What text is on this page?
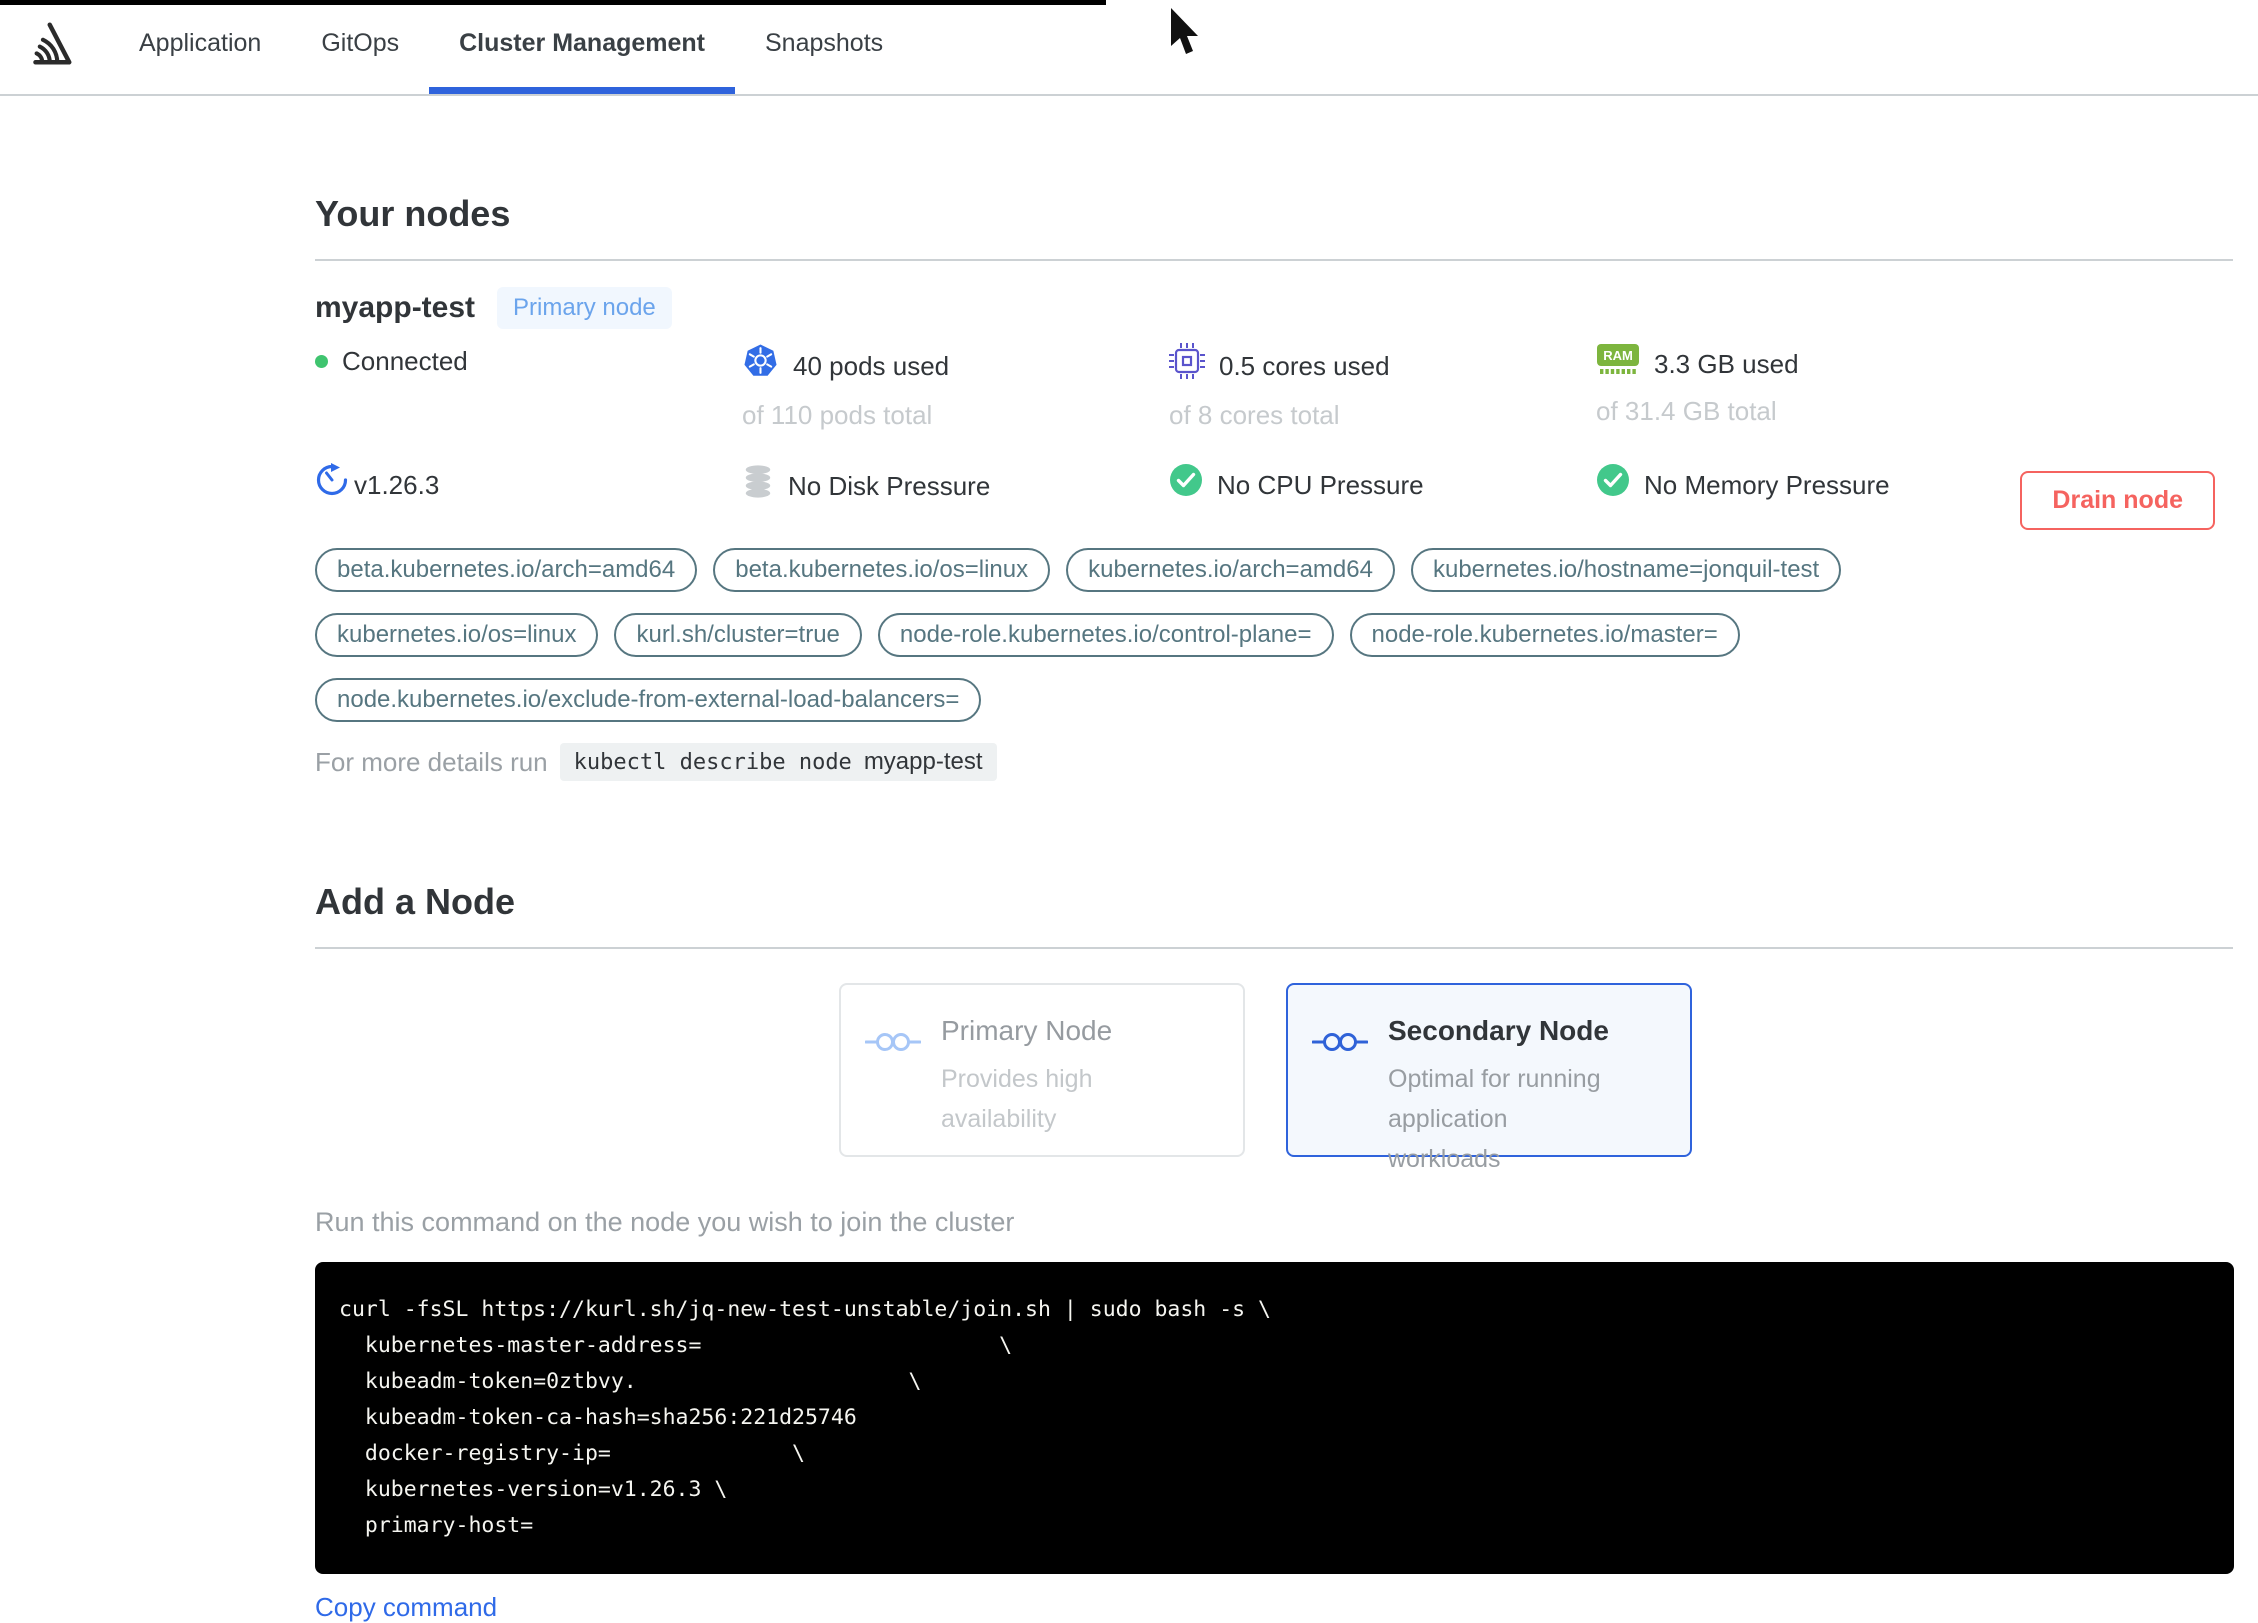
Application	GitOps	Cluster Management	Snapshots
Your nodes
myapp-test	Primary node
Connected	40 pods used
of 110 pods total
0.5 cores used
of 8 cores total
RAM 3.3 GB used
of 31.4 GB total
v1.26.3	No Disk Pressure	No CPU Pressure	No Memory Pressure
Drain node
beta.kubernetes.io/arch=amd64	beta.kubernetes.io/os=linux	kubernetes.io/arch=amd64	kubernetes.io/hostname=jonquil-test
kubernetes.io/os=linux	kurl.sh/cluster=true	node-role.kubernetes.io/control-plane=	node-role.kubernetes.io/master=
node.kubernetes.io/exclude-from-external-load-balancers=
For more details run kubectl describe node myapp-test
Add a Node
Primary Node
Provides high availability
Secondary Node
Optimal for running application workloads
Run this command on the node you wish to join the cluster
curl -fsSL https://kurl.sh/jq-new-test-unstable/join.sh | sudo bash -s \
kubernetes-master-address=                       \
kubeadm-token=0ztbvy.                     \
kubeadm-token-ca-hash=sha256:221d25746
docker-registry-ip=              \
kubernetes-version=v1.26.3 \
primary-host=
Copy command
